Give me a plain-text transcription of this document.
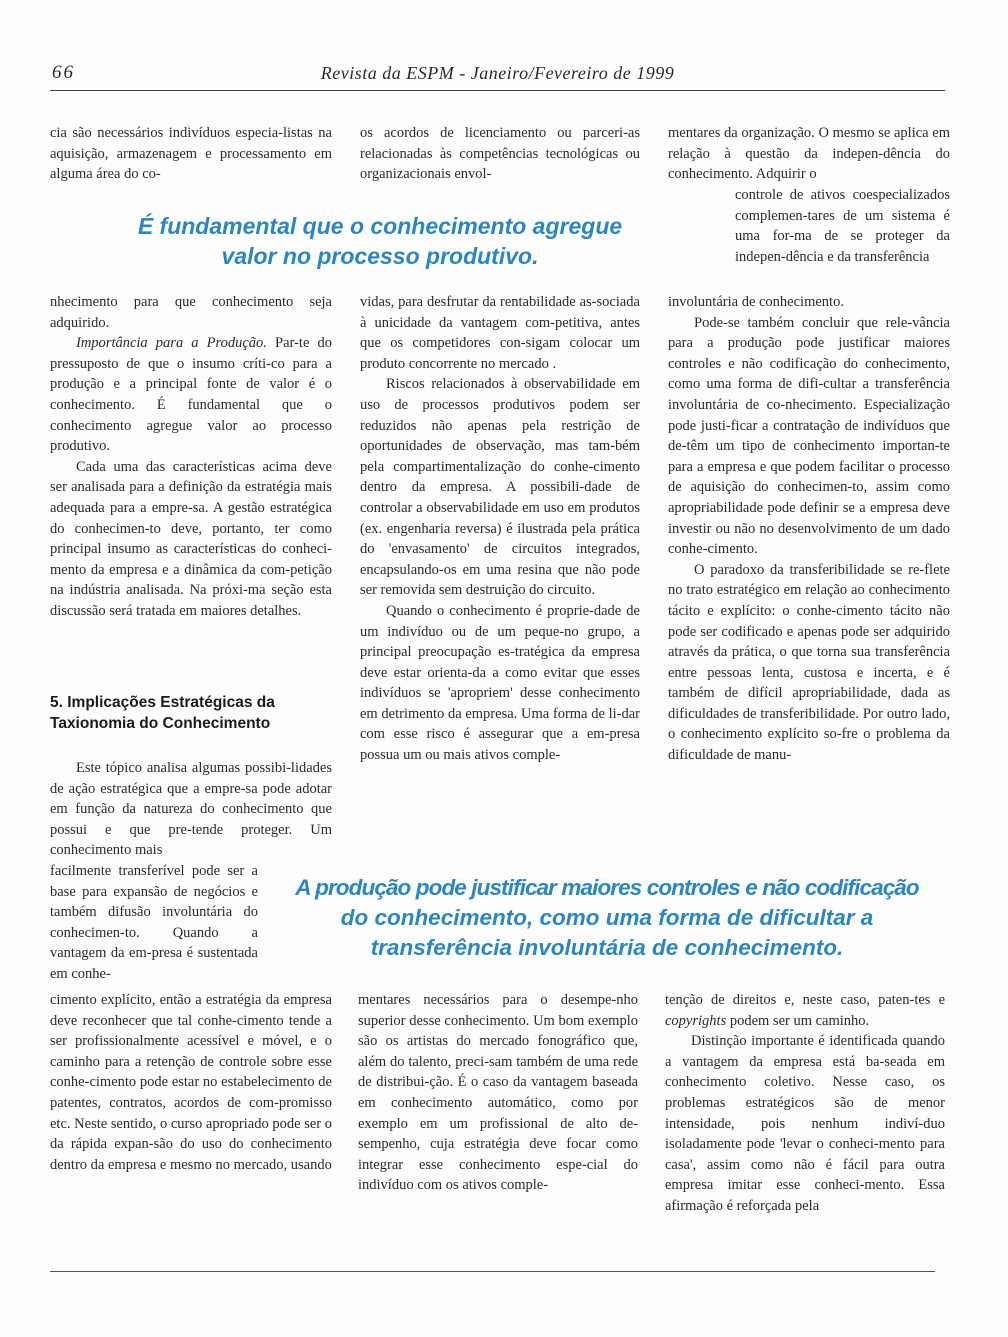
66	Revista da ESPM - Janeiro/Fevereiro de 1999

cia são necessários indivíduos especia-listas na aquisição, armazenagem e processamento em alguma área do co-

nhecimento para que conhecimento seja adquirido.

Importância para a Produção. Par-te do pressuposto de que o insumo críti-co para a produção e a principal fonte de valor é o conhecimento. É fundamental que o conhecimento agregue valor ao processo produtivo.

Cada uma das características acima deve ser analisada para a definição da estratégia mais adequada para a empre-sa. A gestão estratégica do conhecimen-to deve, portanto, ter como principal insumo as características do conheci-mento da empresa e a dinâmica da com-petição na indústria analisada. Na próxi-ma seção esta discussão será tratada em maiores detalhes.

5. Implicações Estratégicas da
Taxionomia do Conhecimento

Este tópico analisa algumas possibi-lidades de ação estratégica que a empre-sa pode adotar em função da natureza do conhecimento que possui e que pre-tende proteger. Um conhecimento mais

facilmente transferível pode ser a base para expansão de negócios e também difusão involuntária do conhecimen-to. Quando a vantagem da em-presa é sustentada em conhe-

cimento explícito, então a estratégia da empresa deve reconhecer que tal conhe-cimento tende a ser profissionalmente acessível e móvel, e o caminho para a retenção de controle sobre esse conhe-cimento pode estar no estabelecimento de patentes, contratos, acordos de com-promisso etc. Neste sentido, o curso apropriado pode ser o da rápida expan-são do uso do conhecimento dentro da empresa e mesmo no mercado, usando

os acordos de licenciamento ou parceri-as relacionadas às competências tecnológicas ou organizacionais envol-

vidas, para desfrutar da rentabilidade as-sociada à unicidade da vantagem com-petitiva, antes que os competidores con-sigam colocar um produto concorrente no mercado .

Riscos relacionados à observabilidade em uso de processos produtivos podem ser reduzidos não apenas pela restrição de oportunidades de observação, mas tam-bém pela compartimentalização do conhe-cimento dentro da empresa. A possibili-dade de controlar a observabilidade em uso em produtos (ex. engenharia reversa) é ilustrada pela prática do 'envasamento' de circuitos integrados, encapsulando-os em uma resina que não pode ser removida sem destruição do circuito.

Quando o conhecimento é proprie-dade de um indivíduo ou de um peque-no grupo, a principal preocupação es-tratégica da empresa deve estar orienta-da a como evitar que esses indivíduos se 'apropriem' desse conhecimento em detrimento da empresa. Uma forma de li-dar com esse risco é assegurar que a em-presa possua um ou mais ativos comple-

mentares necessários para o desempe-nho superior desse conhecimento. Um bom exemplo são os artistas do mercado fonográfico que, além do talento, preci-sam também de uma rede de distribui-ção. É o caso da vantagem baseada em conhecimento automático, como por exemplo em um profissional de alto de-sempenho, cuja estratégia deve focar como integrar esse conhecimento espe-cial do indivíduo com os ativos comple-

mentares da organização. O mesmo se aplica em relação à questão da indepen-dência do conhecimento. Adquirir o

controle de ativos coespecializados complemen-tares de um sistema é uma for-ma de se proteger da indepen-dência e da transferência

involuntária de conhecimento.

Pode-se também concluir que rele-vância para a produção pode justificar maiores controles e não codificação do conhecimento, como uma forma de difi-cultar a transferência involuntária de co-nhecimento. Especialização pode justi-ficar a contratação de indivíduos que de-têm um tipo de conhecimento importan-te para a empresa e que podem facilitar o processo de aquisição do conhecimen-to, assim como apropriabilidade pode definir se a empresa deve investir ou não no desenvolvimento de um dado conhe-cimento.

O paradoxo da transferibilidade se re-flete no trato estratégico em relação ao conhecimento tácito e explícito: o conhe-cimento tácito não pode ser codificado e apenas pode ser adquirido através da prática, o que torna sua transferência entre pessoas lenta, custosa e incerta, e é também de difícil apropriabilidade, dada as dificuldades de transferibilidade. Por outro lado, o conhecimento explícito so-fre o problema da dificuldade de manu-

tenção de direitos e, neste caso, paten-tes e copyrights podem ser um caminho.

Distinção importante é identificada quando a vantagem da empresa está ba-seada em conhecimento coletivo. Nesse caso, os problemas estratégicos são de menor intensidade, pois nenhum indiví-duo isoladamente pode 'levar o conheci-mento para casa', assim como não é fácil para outra empresa imitar esse conheci-mento. Essa afirmação é reforçada pela

É fundamental que o conhecimento agregue
valor no processo produtivo.
A produção pode justificar maiores controles e não codificação
do conhecimento, como uma forma de dificultar a
transferência involuntária de conhecimento.
